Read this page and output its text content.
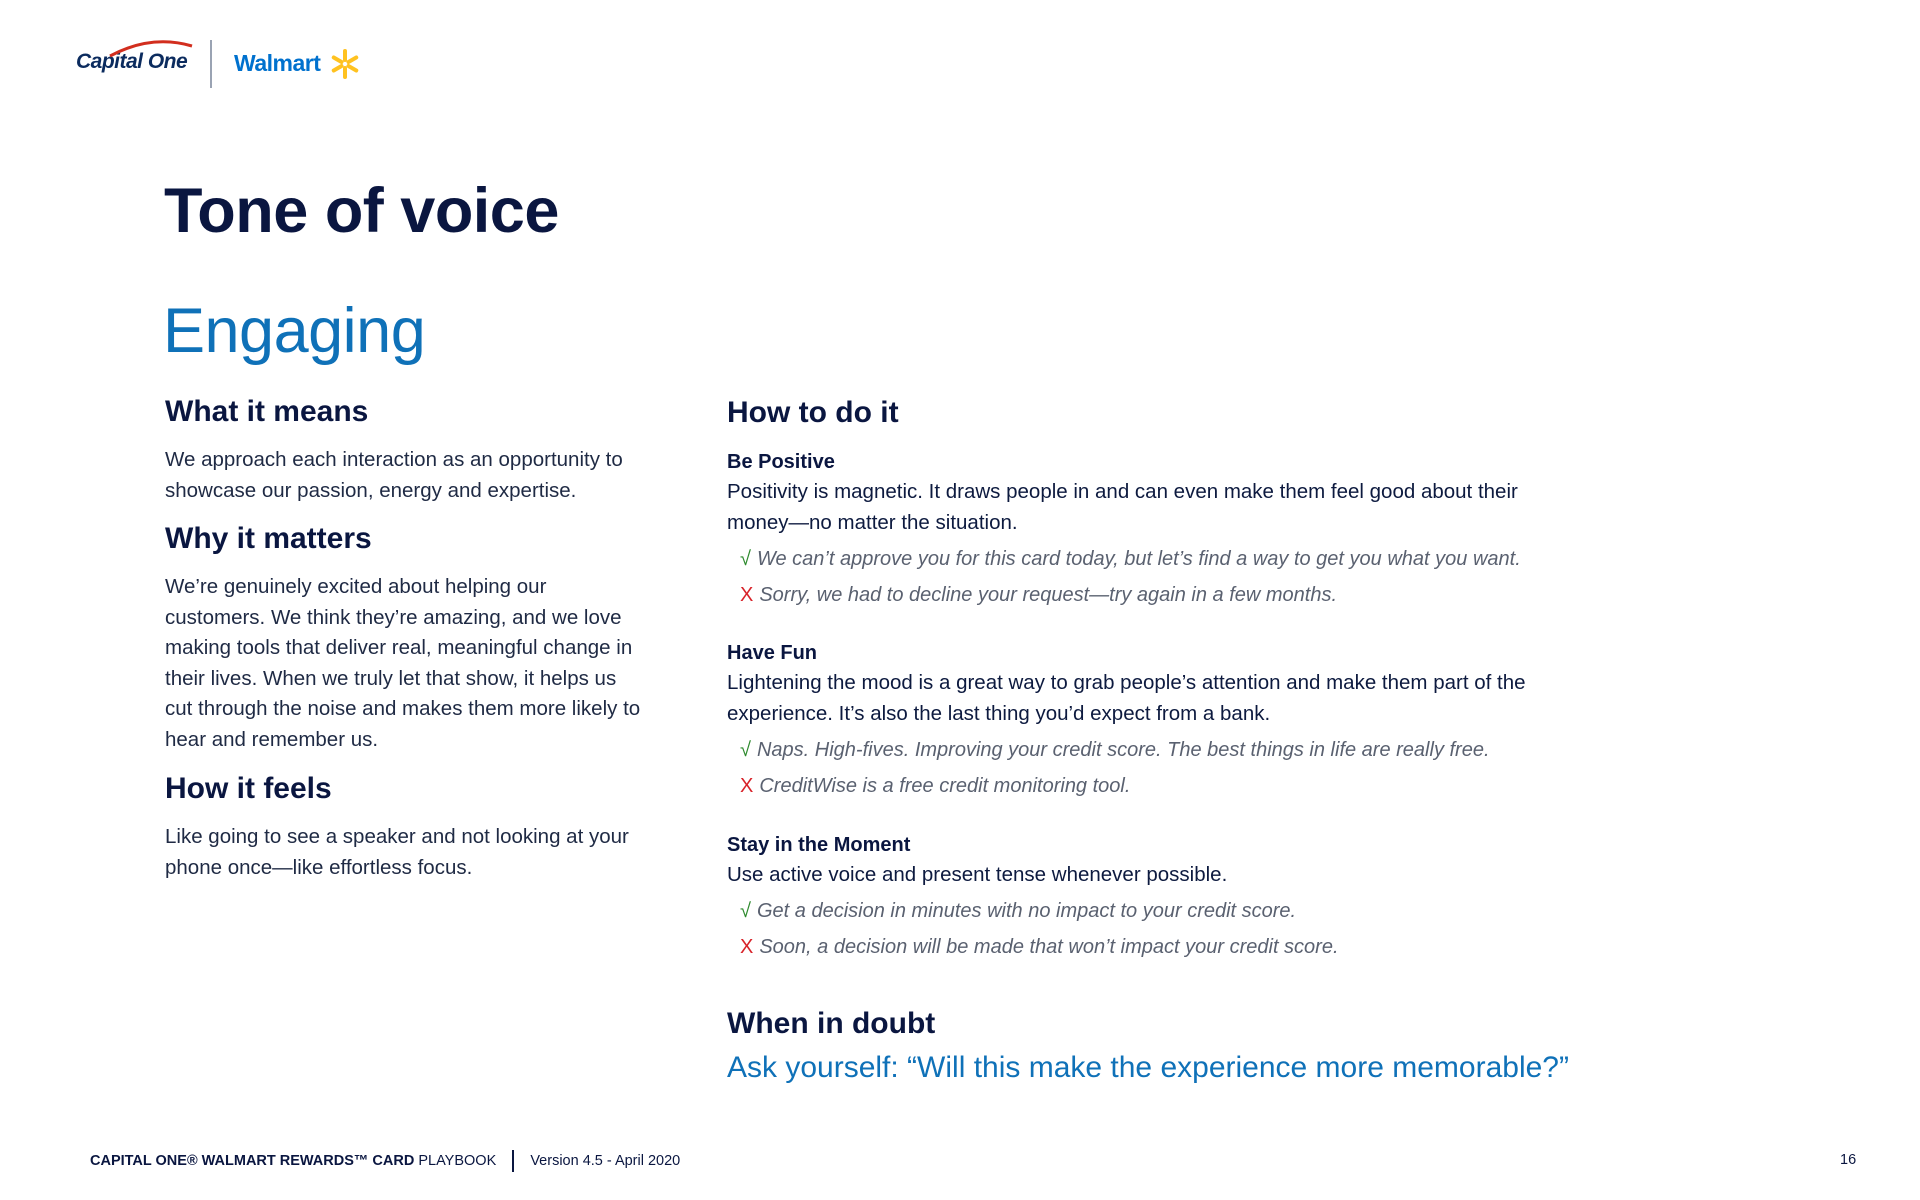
Capital One Walmart
Tone of voice
Engaging
What it means
We approach each interaction as an opportunity to showcase our passion, energy and expertise.
Why it matters
We’re genuinely excited about helping our customers. We think they’re amazing, and we love making tools that deliver real, meaningful change in their lives. When we truly let that show, it helps us cut through the noise and makes them more likely to hear and remember us.
How it feels
Like going to see a speaker and not looking at your phone once—like effortless focus.
How to do it
Be Positive
Positivity is magnetic. It draws people in and can even make them feel good about their money—no matter the situation.
√ We can’t approve you for this card today, but let’s find a way to get you what you want.
X Sorry, we had to decline your request—try again in a few months.
Have Fun
Lightening the mood is a great way to grab people’s attention and make them part of the experience. It’s also the last thing you’d expect from a bank.
√ Naps. High-fives. Improving your credit score. The best things in life are really free.
X CreditWise is a free credit monitoring tool.
Stay in the Moment
Use active voice and present tense whenever possible.
√ Get a decision in minutes with no impact to your credit score.
X Soon, a decision will be made that won’t impact your credit score.
When in doubt
Ask yourself: “Will this make the experience more memorable?”
CAPITAL ONE® WALMART REWARDS™ CARD PLAYBOOK Version 4.5 - April 2020	16
